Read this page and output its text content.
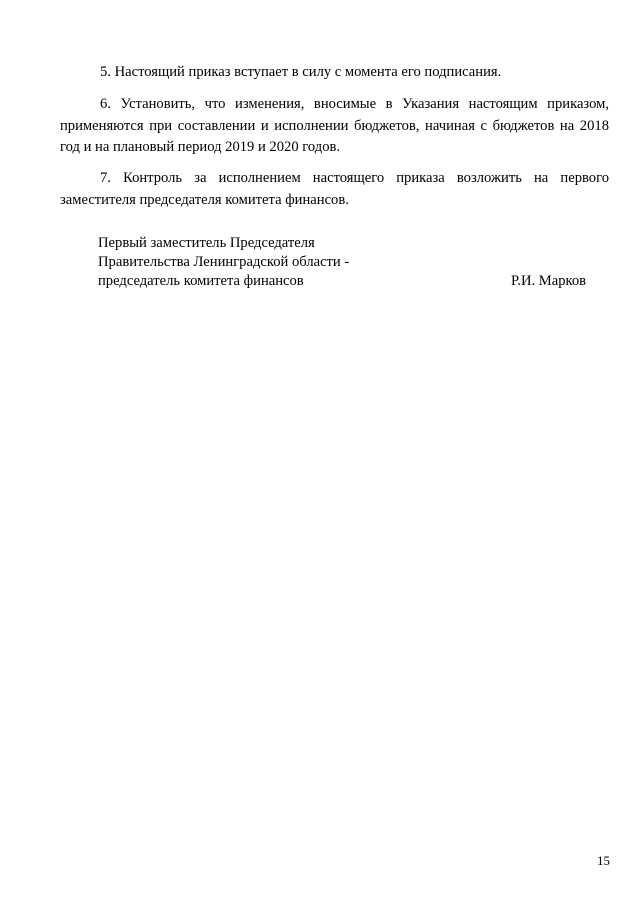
5. Настоящий приказ вступает в силу с момента его подписания.

6. Установить, что изменения, вносимые в Указания настоящим приказом, применяются при составлении и исполнении бюджетов, начиная с бюджетов на 2018 год и на плановый период 2019 и 2020 годов.

7. Контроль за исполнением настоящего приказа возложить на первого заместителя председателя комитета финансов.

Первый заместитель Председателя
Правительства Ленинградской области -
председатель комитета финансов	Р.И. Марков
15
